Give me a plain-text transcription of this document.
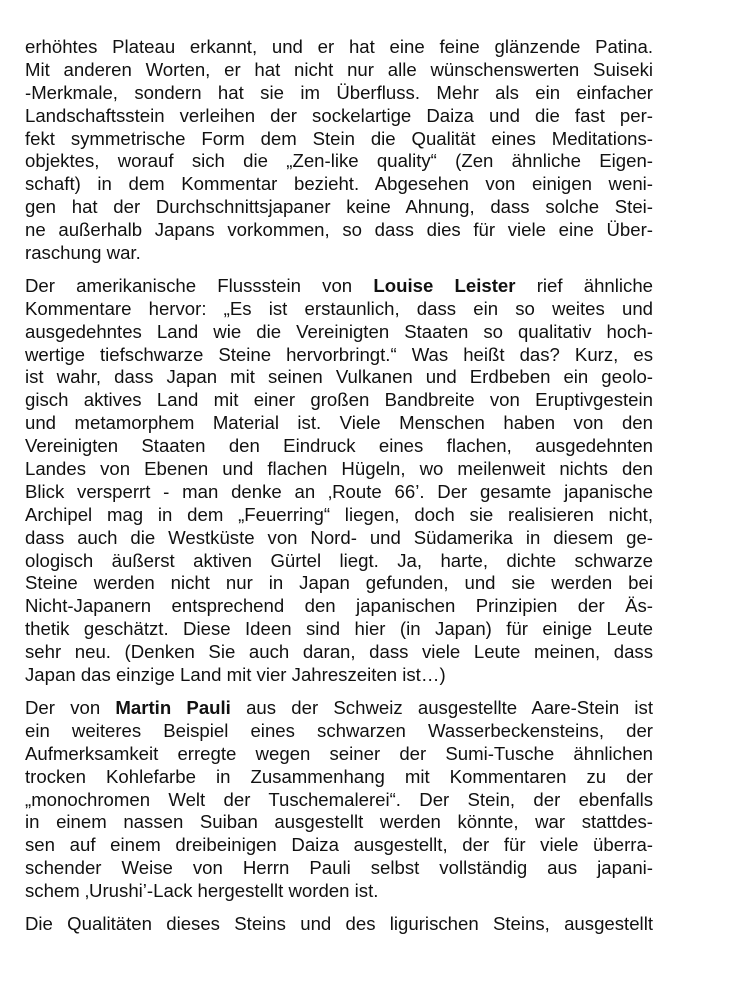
erhöhtes Plateau erkannt, und er hat eine feine glänzende Patina.
Mit anderen Worten, er hat nicht nur alle wünschenswerten Suiseki
-Merkmale, sondern hat sie im Überfluss. Mehr als ein einfacher
Landschaftsstein verleihen der sockelartige Daiza und die fast per-
fekt symmetrische Form dem Stein die Qualität eines Meditations-
objektes, worauf sich die „Zen-like quality“ (Zen ähnliche Eigen-
schaft) in dem Kommentar bezieht. Abgesehen von einigen weni-
gen hat der Durchschnittsjapaner keine Ahnung, dass solche Stei-
ne außerhalb Japans vorkommen, so dass dies für viele eine Über-
raschung war.
Der amerikanische Flussstein von Louise Leister rief ähnliche
Kommentare hervor: „Es ist erstaunlich, dass ein so weites und
ausgedehntes Land wie die Vereinigten Staaten so qualitativ hoch-
wertige tiefschwarze Steine hervorbringt.“ Was heißt das? Kurz, es
ist wahr, dass Japan mit seinen Vulkanen und Erdbeben ein geolo-
gisch aktives Land mit einer großen Bandbreite von Eruptivgestein
und metamorphem Material ist. Viele Menschen haben von den
Vereinigten Staaten den Eindruck eines flachen, ausgedehnten
Landes von Ebenen und flachen Hügeln, wo meilenweit nichts den
Blick versperrt - man denke an ‚Route 66’. Der gesamte japanische
Archipel mag in dem „Feuerring“ liegen, doch sie realisieren nicht,
dass auch die Westküste von Nord- und Südamerika in diesem ge-
ologisch äußerst aktiven Gürtel liegt. Ja, harte, dichte schwarze
Steine werden nicht nur in Japan gefunden, und sie werden bei
Nicht-Japanern entsprechend den japanischen Prinzipien der Äs-
thetik geschätzt. Diese Ideen sind hier (in Japan) für einige Leute
sehr neu. (Denken Sie auch daran, dass viele Leute meinen, dass
Japan das einzige Land mit vier Jahreszeiten ist…)
Der von Martin Pauli aus der Schweiz ausgestellte Aare-Stein ist
ein weiteres Beispiel eines schwarzen Wasserbeckensteins, der
Aufmerksamkeit erregte wegen seiner der Sumi-Tusche ähnlichen
trocken Kohlefarbe in Zusammenhang mit Kommentaren zu der
„monochromen Welt der Tuschemalerei“. Der Stein, der ebenfalls
in einem nassen Suiban ausgestellt werden könnte, war stattdes-
sen auf einem dreibeinigen Daiza ausgestellt, der für viele überra-
schender Weise von Herrn Pauli selbst vollständig aus japani-
schem ‚Urushi’-Lack hergestellt worden ist.
Die Qualitäten dieses Steins und des ligurischen Steins, ausgestellt
